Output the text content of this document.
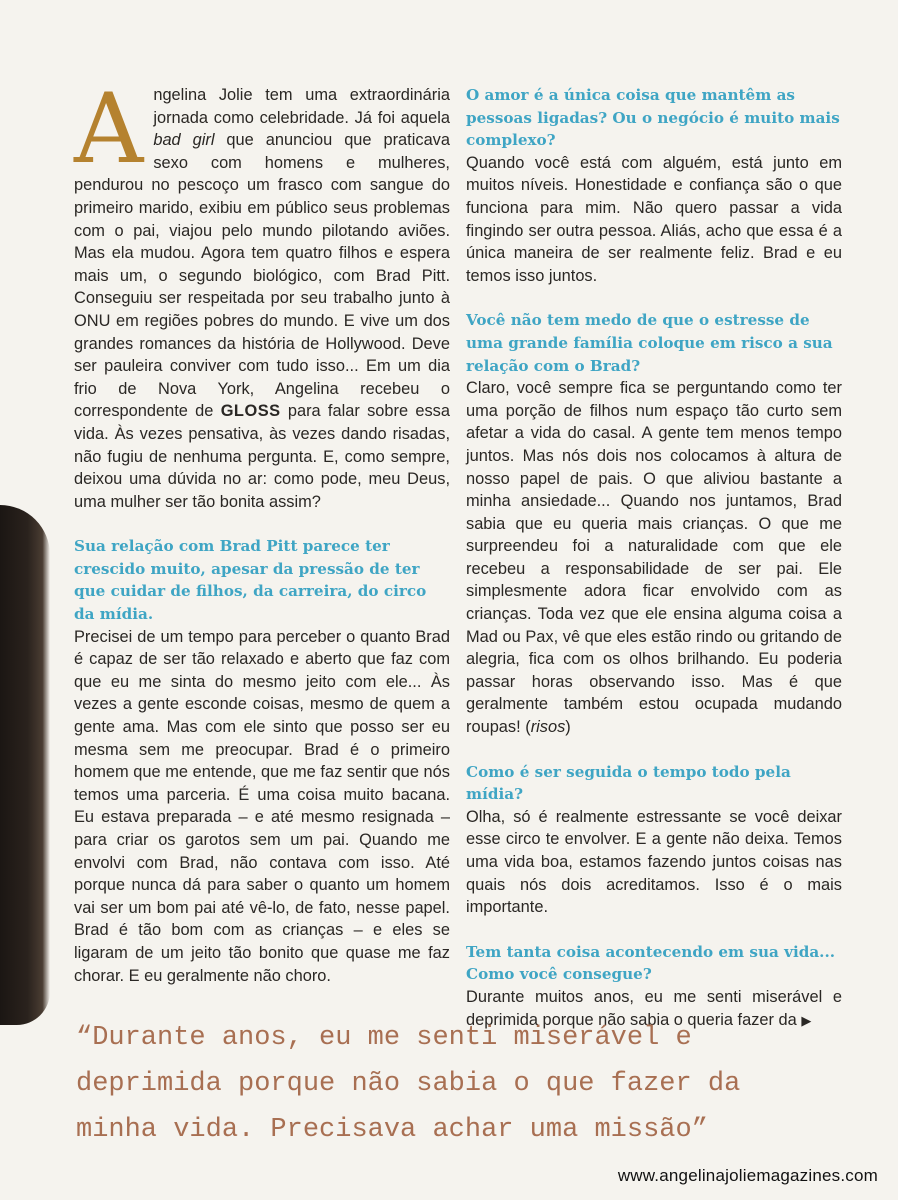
Angelina Jolie tem uma extraordinária jornada como celebridade. Já foi aquela bad girl que anunciou que praticava sexo com homens e mulheres, pendurou no pescoço um frasco com sangue do primeiro marido, exibiu em público seus problemas com o pai, viajou pelo mundo pilotando aviões. Mas ela mudou. Agora tem quatro filhos e espera mais um, o segundo biológico, com Brad Pitt. Conseguiu ser respeitada por seu trabalho junto à ONU em regiões pobres do mundo. E vive um dos grandes romances da história de Hollywood. Deve ser pauleira conviver com tudo isso... Em um dia frio de Nova York, Angelina recebeu o correspondente de GLOSS para falar sobre essa vida. Às vezes pensativa, às vezes dando risadas, não fugiu de nenhuma pergunta. E, como sempre, deixou uma dúvida no ar: como pode, meu Deus, uma mulher ser tão bonita assim?

Sua relação com Brad Pitt parece ter crescido muito, apesar da pressão de ter que cuidar de filhos, da carreira, do circo da mídia.

Precisei de um tempo para perceber o quanto Brad é capaz de ser tão relaxado e aberto que faz com que eu me sinta do mesmo jeito com ele... Às vezes a gente esconde coisas, mesmo de quem a gente ama. Mas com ele sinto que posso ser eu mesma sem me preocupar. Brad é o primeiro homem que me entende, que me faz sentir que nós temos uma parceria. É uma coisa muito bacana. Eu estava preparada – e até mesmo resignada – para criar os garotos sem um pai. Quando me envolvi com Brad, não contava com isso. Até porque nunca dá para saber o quanto um homem vai ser um bom pai até vê-lo, de fato, nesse papel. Brad é tão bom com as crianças – e eles se ligaram de um jeito tão bonito que quase me faz chorar. E eu geralmente não choro.

O amor é a única coisa que mantêm as pessoas ligadas? Ou o negócio é muito mais complexo?

Quando você está com alguém, está junto em muitos níveis. Honestidade e confiança são o que funciona para mim. Não quero passar a vida fingindo ser outra pessoa. Aliás, acho que essa é a única maneira de ser realmente feliz. Brad e eu temos isso juntos.

Você não tem medo de que o estresse de uma grande família coloque em risco a sua relação com o Brad?

Claro, você sempre fica se perguntando como ter uma porção de filhos num espaço tão curto sem afetar a vida do casal. A gente tem menos tempo juntos. Mas nós dois nos colocamos à altura de nosso papel de pais. O que aliviou bastante a minha ansiedade... Quando nos juntamos, Brad sabia que eu queria mais crianças. O que me surpreendeu foi a naturalidade com que ele recebeu a responsabilidade de ser pai. Ele simplesmente adora ficar envolvido com as crianças. Toda vez que ele ensina alguma coisa a Mad ou Pax, vê que eles estão rindo ou gritando de alegria, fica com os olhos brilhando. Eu poderia passar horas observando isso. Mas é que geralmente também estou ocupada mudando roupas! (risos)

Como é ser seguida o tempo todo pela mídia?

Olha, só é realmente estressante se você deixar esse circo te envolver. E a gente não deixa. Temos uma vida boa, estamos fazendo juntos coisas nas quais nós dois acreditamos. Isso é o mais importante.

Tem tanta coisa acontecendo em sua vida... Como você consegue?

Durante muitos anos, eu me senti miserável e deprimida porque não sabia o queria fazer da ▶

“Durante anos, eu me senti miserável e
deprimida porque não sabia o que fazer da
minha vida. Precisava achar uma missão”
www.angelinajoliemagazines.com
